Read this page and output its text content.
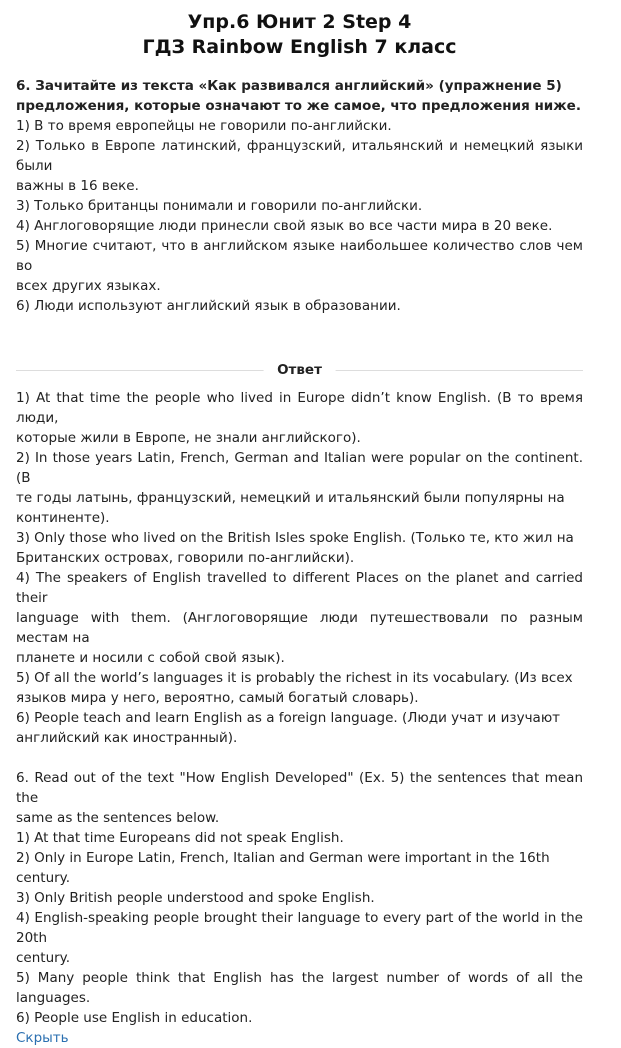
Упр.6 Юнит 2 Step 4
ГДЗ Rainbow English 7 класс
6. Зачитайте из текста «Как развивался английский» (упражнение 5)
предложения, которые означают то же самое, что предложения ниже.
1) В то время европейцы не говорили по-английски.
2) Только в Европе латинский, французский, итальянский и немецкий языки были
важны в 16 веке.
3) Только британцы понимали и говорили по-английски.
4) Англоговорящие люди принесли свой язык во все части мира в 20 веке.
5) Многие считают, что в английском языке наибольшее количество слов чем во
всех других языках.
6) Люди используют английский язык в образовании.
Ответ
1) At that time the people who lived in Europe didn’t know English. (В то время люди,
которые жили в Европе, не знали английского).
2) In those years Latin, French, German and Italian were popular on the continent. (В
те годы латынь, французский, немецкий и итальянский были популярны на
континенте).
3) Only those who lived on the British Isles spoke English. (Только те, кто жил на
Британских островах, говорили по-английски).
4) The speakers of English travelled to different Places on the planet and carried their
language with them. (Англоговорящие люди путешествовали по разным местам на
планете и носили с собой свой язык).
5) Of all the world’s languages it is probably the richest in its vocabulary. (Из всех
языков мира у него, вероятно, самый богатый словарь).
6) People teach and learn English as a foreign language. (Люди учат и изучают
английский как иностранный).
6. Read out of the text "How English Developed" (Ex. 5) the sentences that mean the
same as the sentences below.
1) At that time Europeans did not speak English.
2) Only in Europe Latin, French, Italian and German were important in the 16th
century.
3) Only British people understood and spoke English.
4) English-speaking people brought their language to every part of the world in the 20th
century.
5) Many people think that English has the largest number of words of all the languages.
6) People use English in education.
Скрыть
